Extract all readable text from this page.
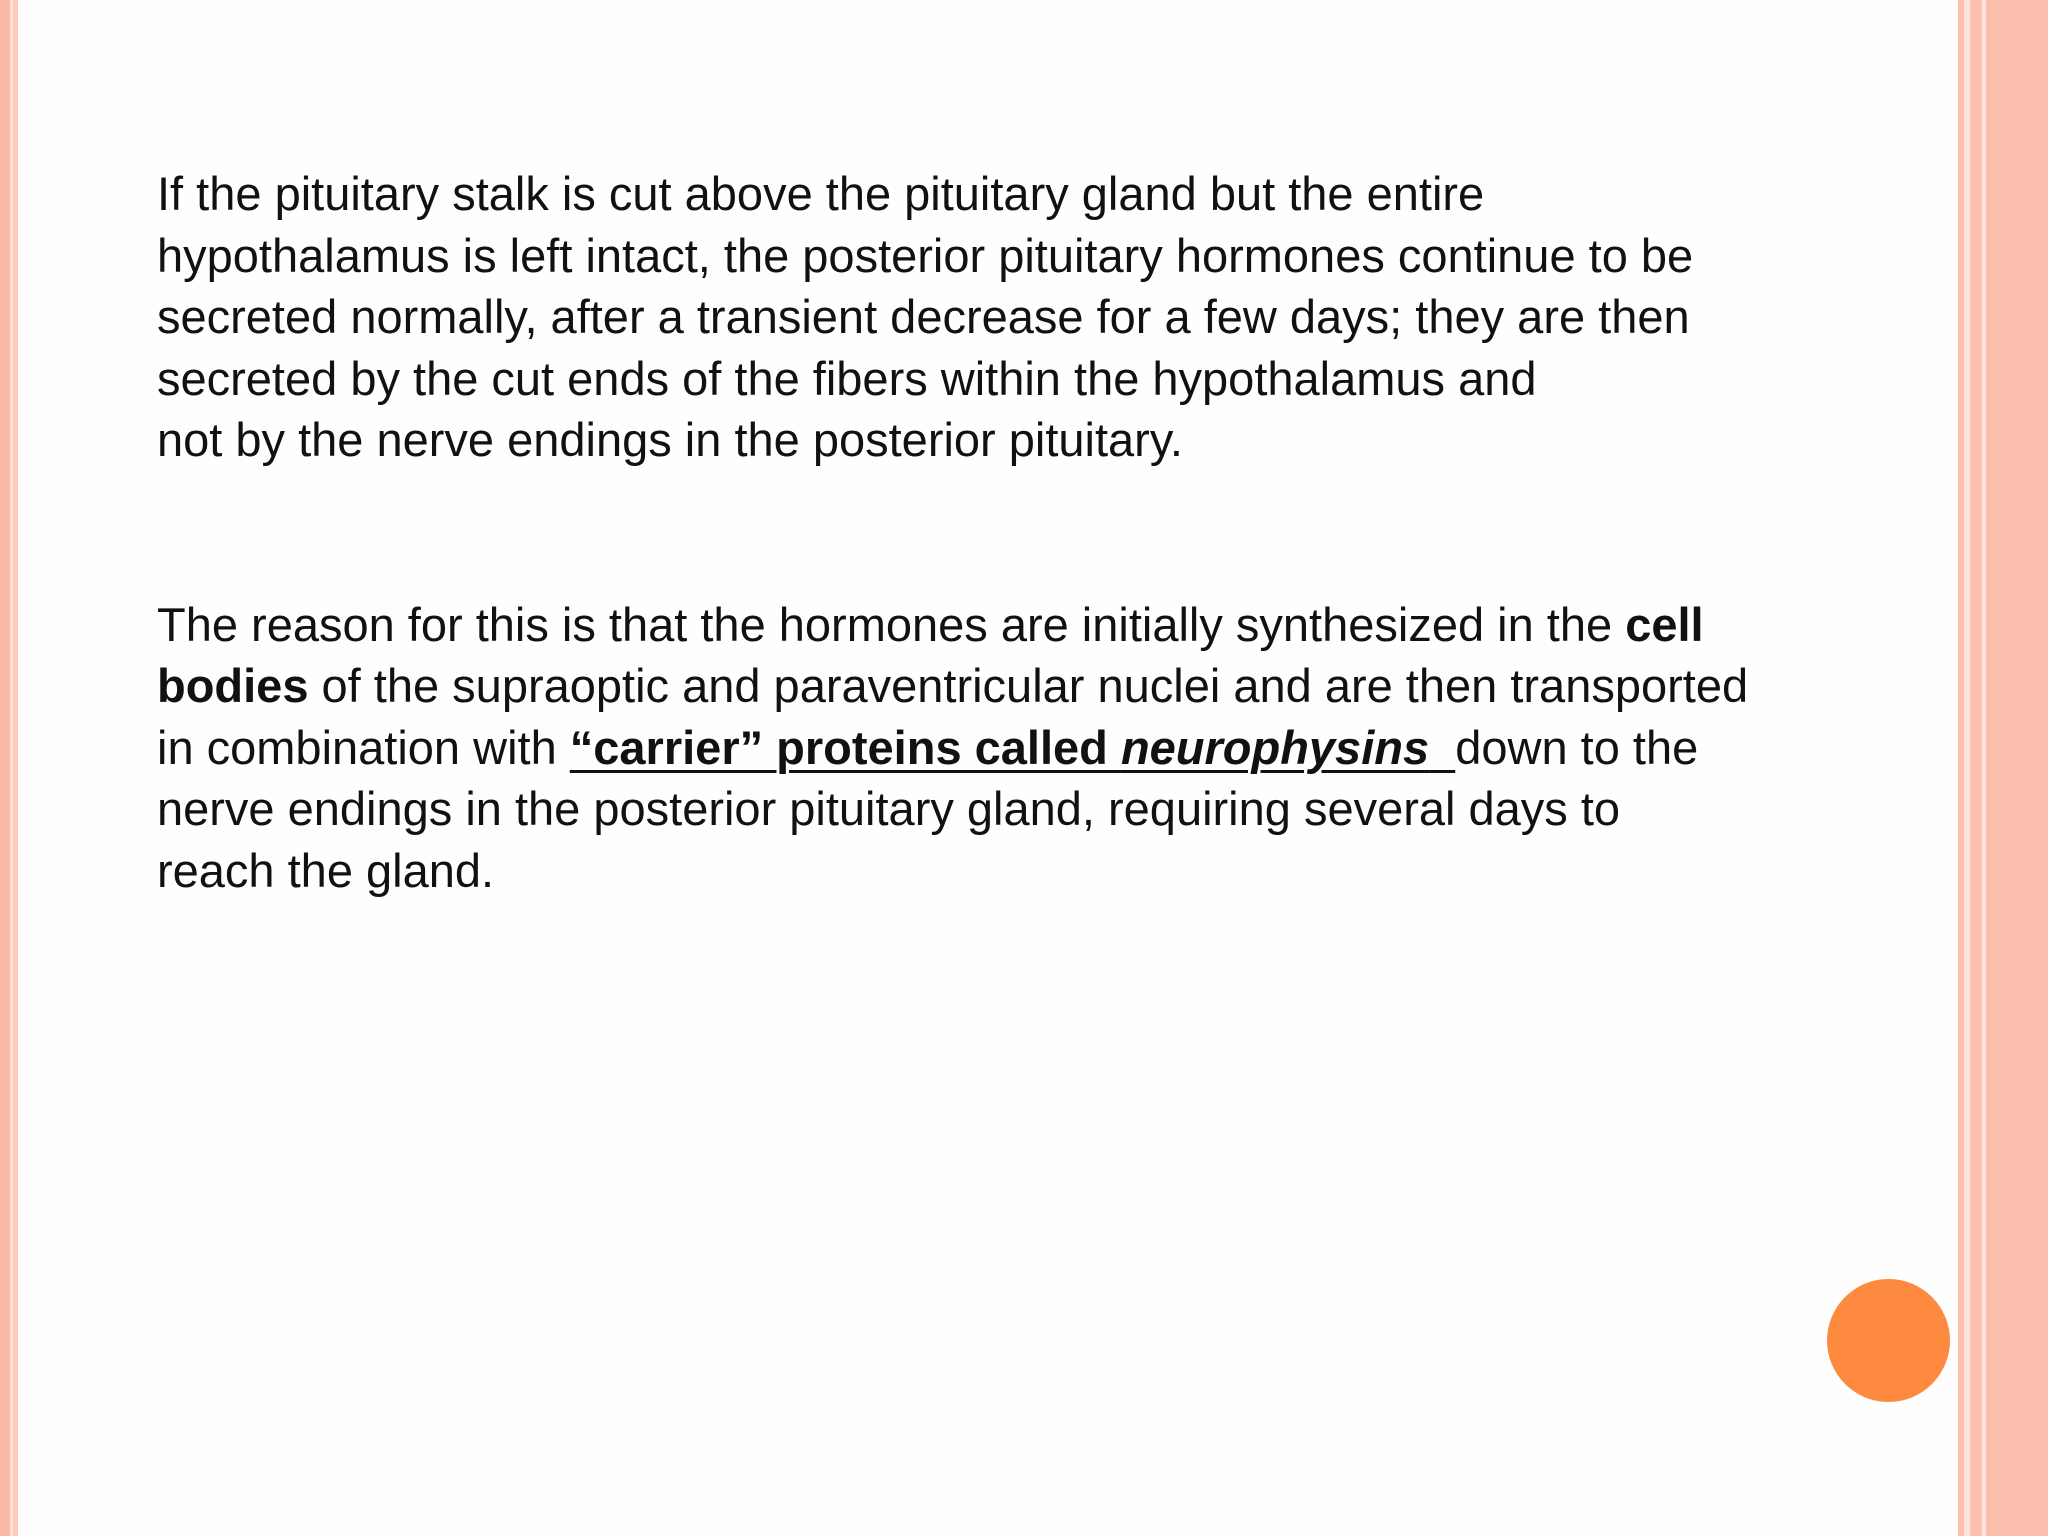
If the pituitary stalk is cut above the pituitary gland but the entire
hypothalamus is left intact, the posterior pituitary hormones continue to be
secreted normally, after a transient decrease for a few days; they are then
secreted by the cut ends of the fibers within the hypothalamus and
not by the nerve endings in the posterior pituitary.

The reason for this is that the hormones are initially synthesized in the cell
bodies of the supraoptic and paraventricular nuclei and are then transported
in combination with “carrier” proteins called neurophysins down to the
nerve endings in the posterior pituitary gland, requiring several days to
reach the gland.
